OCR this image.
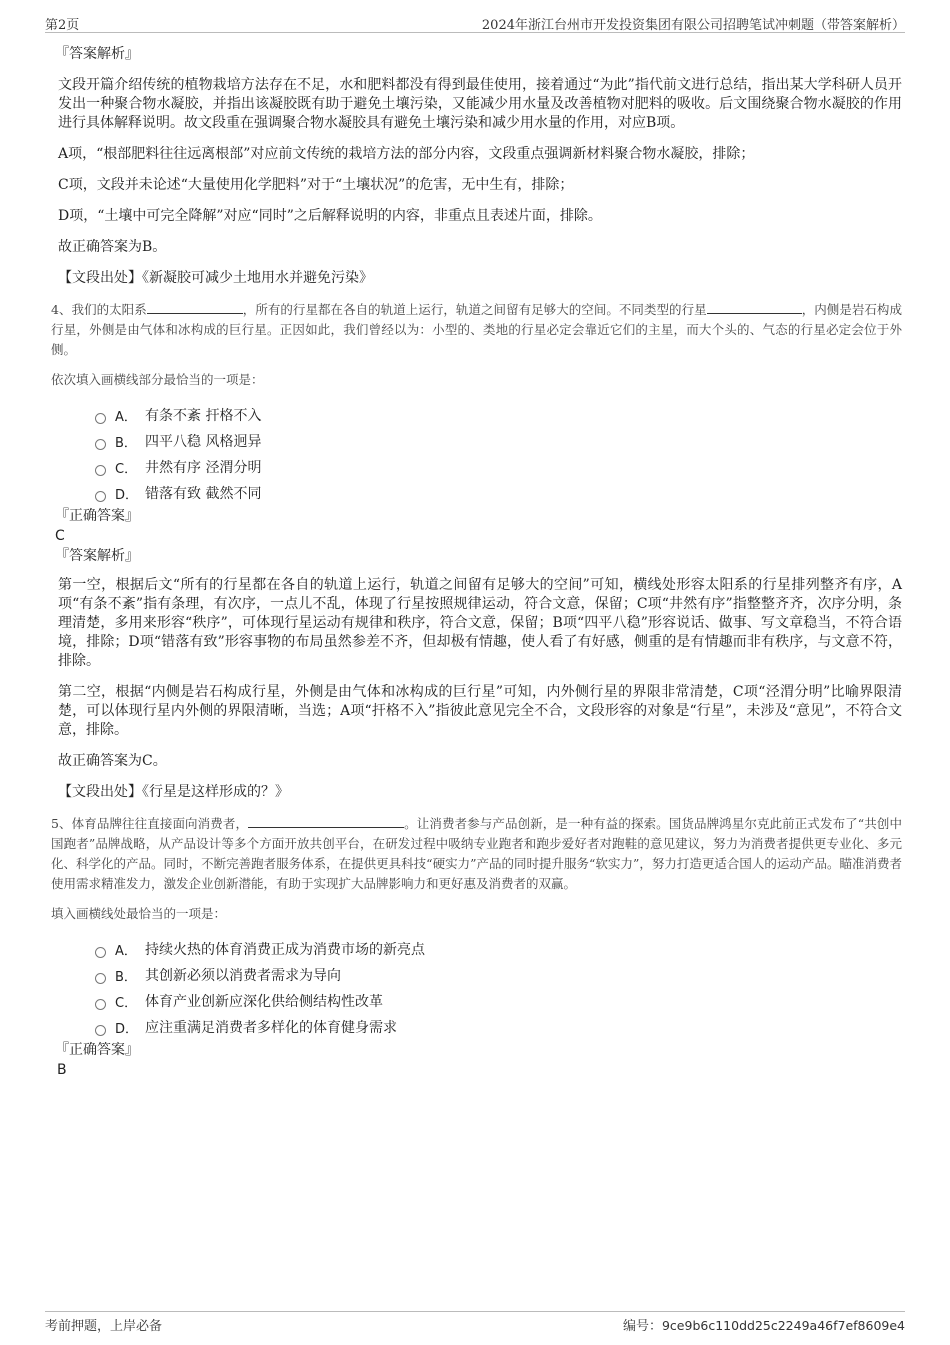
第2页	2024年浙江台州市开发投资集团有限公司招聘笔试冲刺题（带答案解析）

『答案解析』

文段开篇介绍传统的植物栽培方法存在不足，水和肥料都没有得到最佳使用，接着通过“为此”指代前文进行总结，指出某大学科研人员开发出一种聚合物水凝胶，并指出该凝胶既有助于避免土壤污染，又能减少用水量及改善植物对肥料的吸收。后文围绕聚合物水凝胶的作用进行具体解释说明。故文段重在强调聚合物水凝胶具有避免土壤污染和减少用水量的作用，对应B项。

A项，“根部肥料往往远离根部”对应前文传统的栽培方法的部分内容，文段重点强调新材料聚合物水凝胶，排除；

C项，文段并未论述“大量使用化学肥料”对于“土壤状况”的危害，无中生有，排除；

D项，“土壤中可完全降解”对应“同时”之后解释说明的内容，非重点且表述片面，排除。

故正确答案为B。

【文段出处】《新凝胶可减少土地用水并避免污染》

4、我们的太阳系	，所有的行星都在各自的轨道上运行，轨道之间留有足够大的空间。不同类型的行星	，内侧是岩石构成行星，外侧是由气体和冰构成的巨行星。正因如此，我们曾经以为：小型的、类地的行星必定会靠近它们的主星，而大个头的、气态的行星必定会位于外侧。

依次填入画横线部分最恰当的一项是：

A． 有条不紊 扞格不入
B． 四平八稳 风格迥异
C． 井然有序 泾渭分明
D． 错落有致 截然不同

『正确答案』

C

『答案解析』

第一空，根据后文“所有的行星都在各自的轨道上运行，轨道之间留有足够大的空间”可知，横线处形容太阳系的行星排列整齐有序，A项“有条不紊”指有条理，有次序，一点儿不乱，体现了行星按照规律运动，符合文意，保留；C项“井然有序”指整整齐齐，次序分明，条理清楚，多用来形容“秩序”，可体现行星运动有规律和秩序，符合文意，保留；B项“四平八稳”形容说话、做事、写文章稳当，不符合语境，排除；D项“错落有致”形容事物的布局虽然参差不齐，但却极有情趣，使人看了有好感，侧重的是有情趣而非有秩序，与文意不符，排除。

第二空，根据“内侧是岩石构成行星，外侧是由气体和冰构成的巨行星”可知，内外侧行星的界限非常清楚，C项“泾渭分明”比喻界限清楚，可以体现行星内外侧的界限清晰，当选；A项“扞格不入”指彼此意见完全不合，文段形容的对象是“行星”，未涉及“意见”，不符合文意，排除。

故正确答案为C。

【文段出处】《行星是这样形成的？》

5、体育品牌往往直接面向消费者，	。让消费者参与产品创新，是一种有益的探索。国货品牌鸿星尔克此前正式发布了“共创中国跑者”品牌战略，从产品设计等多个方面开放共创平台，在研发过程中吸纳专业跑者和跑步爱好者对跑鞋的意见建议，努力为消费者提供更专业化、多元化、科学化的产品。同时，不断完善跑者服务体系，在提供更具科技“硬实力”产品的同时提升服务“软实力”，努力打造更适合国人的运动产品。瞄准消费者使用需求精准发力，激发企业创新潜能，有助于实现扩大品牌影响力和更好惠及消费者的双赢。

填入画横线处最恰当的一项是：

A． 持续火热的体育消费正成为消费市场的新亮点
B． 其创新必须以消费者需求为导向
C． 体育产业创新应深化供给侧结构性改革
D． 应注重满足消费者多样化的体育健身需求

『正确答案』

B

考前押题，上岸必备	编号：9ce9b6c110dd25c2249a46f7ef8609e4
